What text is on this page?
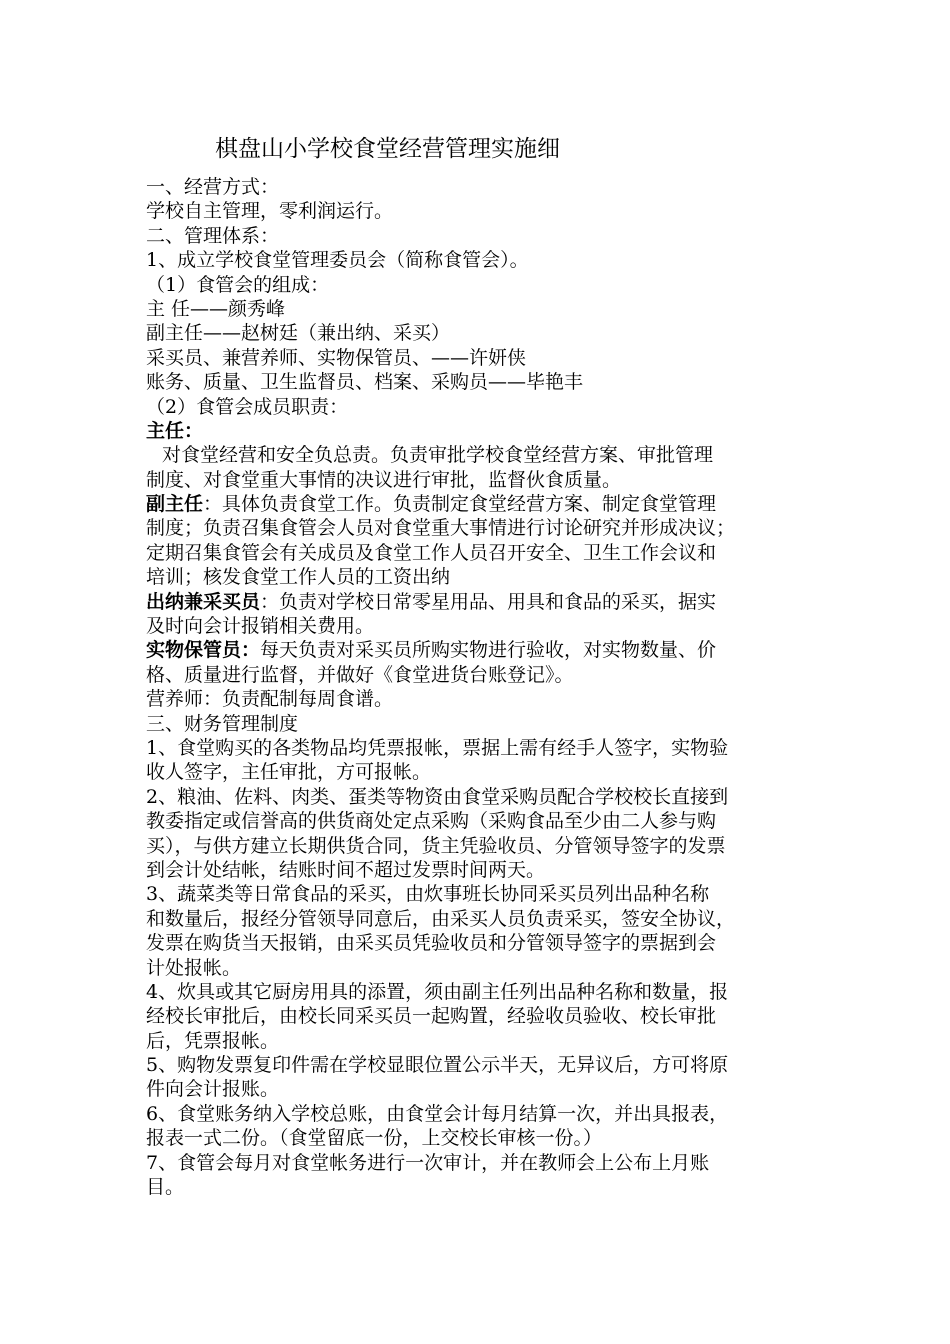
棋盘山小学校食堂经营管理实施细
一、经营方式：
学校自主管理，零利润运行。
二、管理体系：
1、成立学校食堂管理委员会（简称食管会）。
（1）食管会的组成：
主 任——颜秀峰
副主任——赵树廷（兼出纳、采买）
采买员、兼营养师、实物保管员、——许妍侠
账务、质量、卫生监督员、档案、采购员——毕艳丰
（2）食管会成员职责：
主任：
对食堂经营和安全负总责。负责审批学校食堂经营方案、审批管理
制度、对食堂重大事情的决议进行审批，监督伙食质量。
副主任：具体负责食堂工作。负责制定食堂经营方案、制定食堂管理
制度；负责召集食管会人员对食堂重大事情进行讨论研究并形成决议；
定期召集食管会有关成员及食堂工作人员召开安全、卫生工作会议和
培训；核发食堂工作人员的工资出纳
出纳兼采买员：负责对学校日常零星用品、用具和食品的采买，据实
及时向会计报销相关费用。
实物保管员：每天负责对采买员所购实物进行验收，对实物数量、价
格、质量进行监督，并做好《食堂进货台账登记》。
营养师：负责配制每周食谱。
三、财务管理制度
1、食堂购买的各类物品均凭票报帐，票据上需有经手人签字，实物验
收人签字，主任审批，方可报帐。
2、粮油、佐料、肉类、蛋类等物资由食堂采购员配合学校校长直接到
教委指定或信誉高的供货商处定点采购（采购食品至少由二人参与购
买），与供方建立长期供货合同，货主凭验收员、分管领导签字的发票
到会计处结帐，结账时间不超过发票时间两天。
3、蔬菜类等日常食品的采买，由炊事班长协同采买员列出品种名称
和数量后，报经分管领导同意后，由采买人员负责采买，签安全协议，
发票在购货当天报销，由采买员凭验收员和分管领导签字的票据到会
计处报帐。
4、炊具或其它厨房用具的添置，须由副主任列出品种名称和数量，报
经校长审批后，由校长同采买员一起购置，经验收员验收、校长审批
后，凭票报帐。
5、购物发票复印件需在学校显眼位置公示半天，无异议后，方可将原
件向会计报账。
6、食堂账务纳入学校总账，由食堂会计每月结算一次，并出具报表，
报表一式二份。（食堂留底一份，上交校长审核一份。）
7、食管会每月对食堂帐务进行一次审计，并在教师会上公布上月账
目。
